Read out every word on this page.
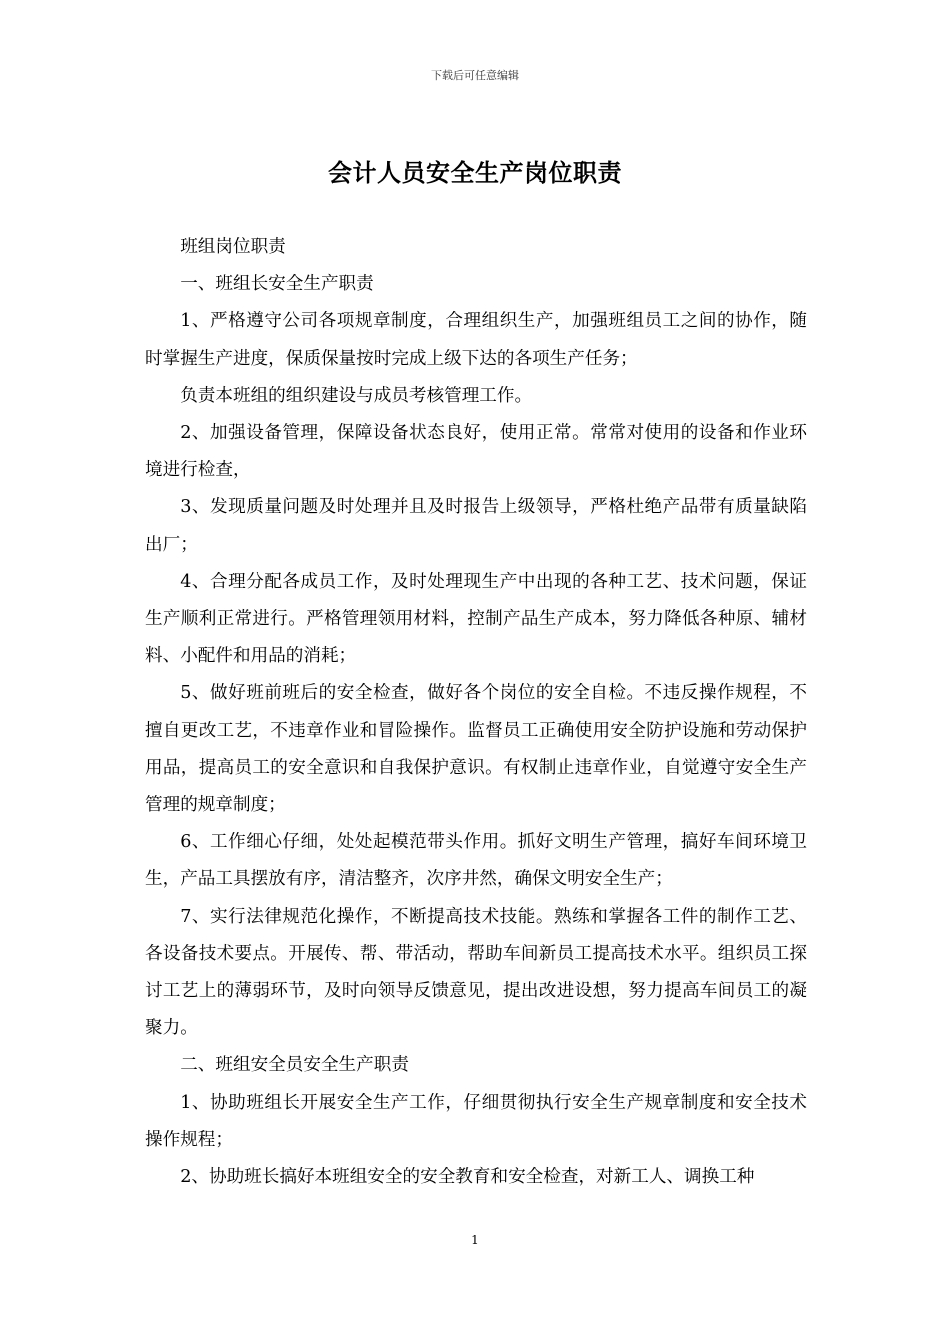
下载后可任意编辑
会计人员安全生产岗位职责

班组岗位职责

一、班组长安全生产职责

1、严格遵守公司各项规章制度，合理组织生产，加强班组员工之间的协作，随时掌握生产进度，保质保量按时完成上级下达的各项生产任务；

负责本班组的组织建设与成员考核管理工作。

2、加强设备管理，保障设备状态良好，使用正常。常常对使用的设备和作业环境进行检查，

3、发现质量问题及时处理并且及时报告上级领导，严格杜绝产品带有质量缺陷出厂；

4、合理分配各成员工作，及时处理现生产中出现的各种工艺、技术问题，保证生产顺利正常进行。严格管理领用材料，控制产品生产成本，努力降低各种原、辅材料、小配件和用品的消耗；

5、做好班前班后的安全检查，做好各个岗位的安全自检。不违反操作规程，不擅自更改工艺，不违章作业和冒险操作。监督员工正确使用安全防护设施和劳动保护用品，提高员工的安全意识和自我保护意识。有权制止违章作业，自觉遵守安全生产管理的规章制度；

6、工作细心仔细，处处起模范带头作用。抓好文明生产管理，搞好车间环境卫生，产品工具摆放有序，清洁整齐，次序井然，确保文明安全生产；

7、实行法律规范化操作，不断提高技术技能。熟练和掌握各工件的制作工艺、各设备技术要点。开展传、帮、带活动，帮助车间新员工提高技术水平。组织员工探讨工艺上的薄弱环节，及时向领导反馈意见，提出改进设想，努力提高车间员工的凝聚力。

二、班组安全员安全生产职责

1、协助班组长开展安全生产工作，仔细贯彻执行安全生产规章制度和安全技术操作规程；

2、协助班长搞好本班组安全的安全教育和安全检查，对新工人、调换工种

1
